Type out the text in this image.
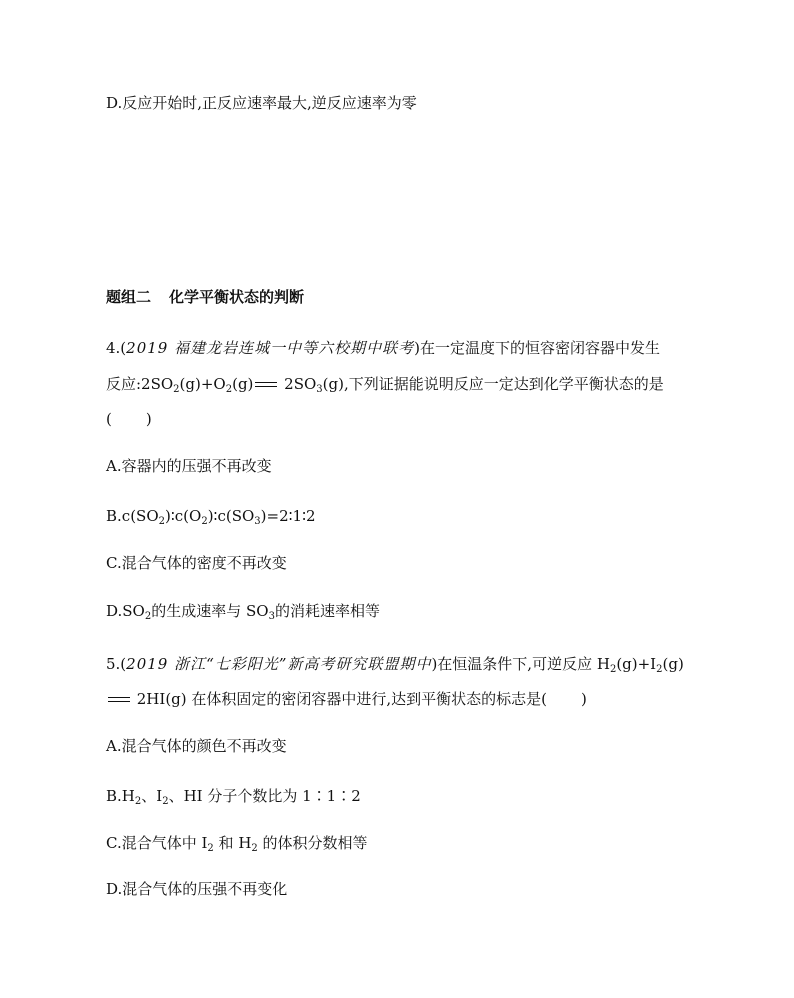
D.反应开始时,正反应速率最大,逆反应速率为零
题组二 化学平衡状态的判断
4.(2019 福建龙岩连城一中等六校期中联考)在一定温度下的恒容密闭容器中发生
反应$:2SO_2(g)+O_2(g)$ $2SO_3(g)$,下列证据能说明反应一定达到化学平衡状态的是
( )
A.容器内的压强不再改变
$B.c(SO_2)∶c(O_2)∶c(SO_3)=2∶1∶2$
C.混合气体的密度不再改变
$D.SO_2$的生成速率与 $SO_3$的消耗速率相等
5.(2019 浙江“七彩阳光”新高考研究联盟期中)在恒温条件下,可逆反应 $H_2(g)+I_2(g)$
2HI(g) 在体积固定的密闭容器中进行,达到平衡状态的标志是( )
A.混合气体的颜色不再改变
$B.H_2$、$I_2$、HI 分子个数比为 1∶1∶2
C.混合气体中 $I_2$ 和 $H_2$ 的体积分数相等
D.混合气体的压强不再变化
